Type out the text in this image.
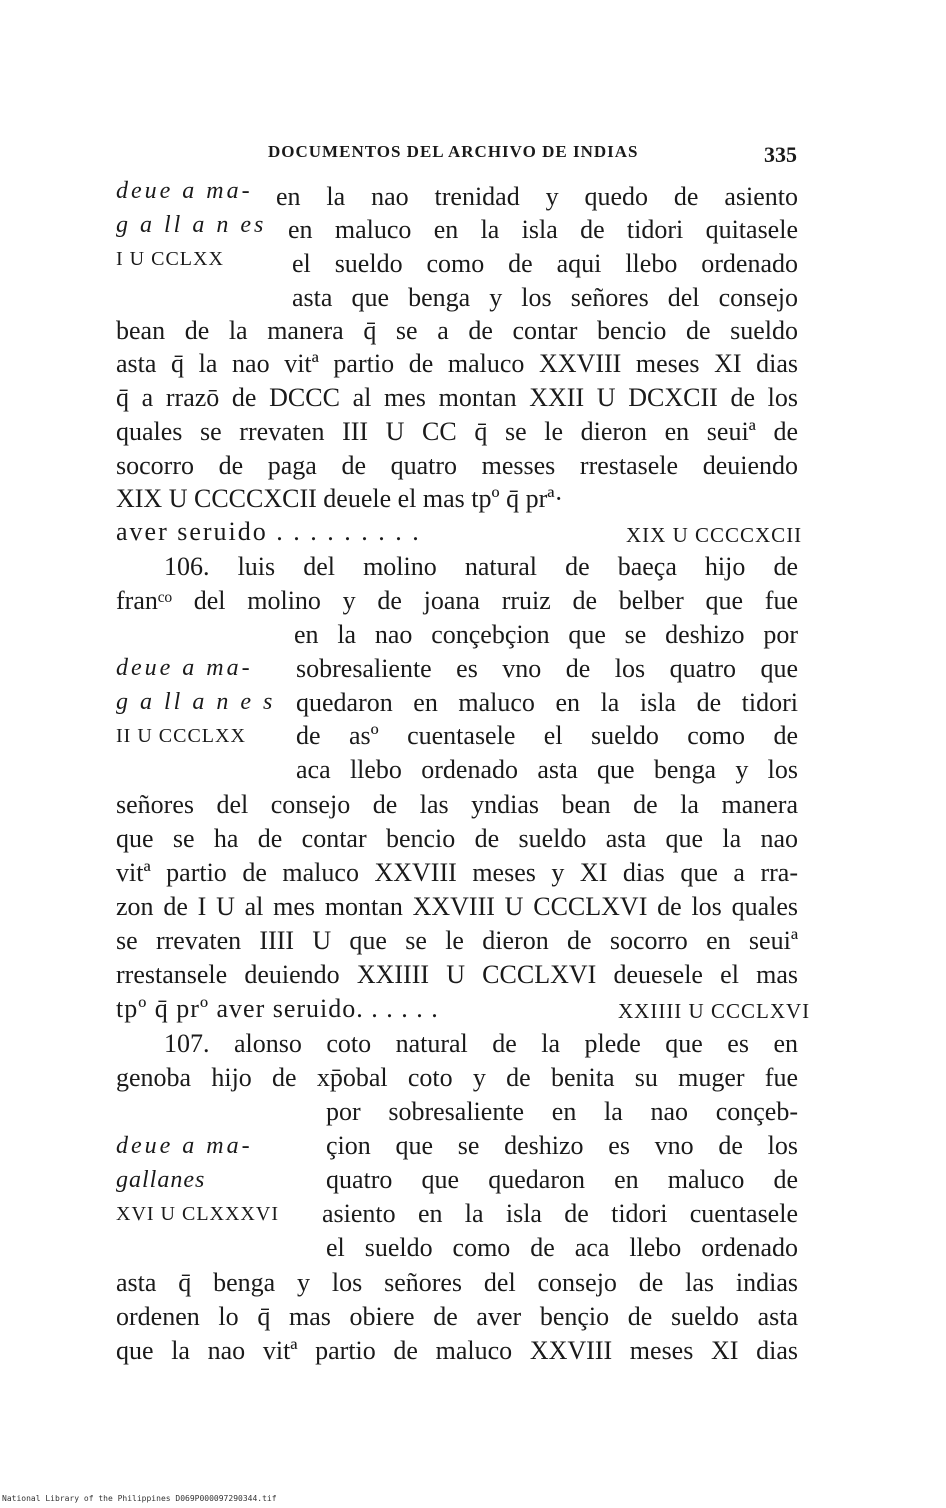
DOCUMENTOS DEL ARCHIVO DE INDIAS	335
deue a ma-
g a ll a n es
I U CCLXX
deue a ma-
g a ll a n e s
II U CCCLXX
deue a ma-
gallanes
XVI U CLXXXVI
en la nao trenidad y quedo de asiento
en maluco en la isla de tidori quitasele
el sueldo como de aqui llebo ordenado
asta que benga y los señores del consejo
bean de la manera q̄ se a de contar bencio de sueldo
asta q̄ la nao vitª partio de maluco XXVIII meses XI dias
q̄ a rrazō de DCCC al mes montan XXII U DCXCII de los
quales se rrevaten III U CC q̄ se le dieron en seuiª de
socorro de paga de quatro messes rrestasele deuiendo
XIX U CCCCXCII deuele el mas tpº q̄ prª·
aver seruido . . . . . . . . .	XIX U CCCCXCII
106. luis del molino natural de baeça hijo de
franᶜᵒ del molino y de joana rruiz de belber que fue
en la nao conçebçion que se deshizo por
sobresaliente es vno de los quatro que
quedaron en maluco en la isla de tidori
de asº cuentasele el sueldo como de
aca llebo ordenado asta que benga y los
señores del consejo de las yndias bean de la manera
que se ha de contar bencio de sueldo asta que la nao
vitª partio de maluco XXVIII meses y XI dias que a rra-
zon de I U al mes montan XXVIII U CCCLXVI de los quales
se rrevaten IIII U que se le dieron de socorro en seuiª
rrestansele deuiendo XXIIII U CCCLXVI deuesele el mas
tpº q̄ prº aver seruido. . . . . .	XXIIII U CCCLXVI
107. alonso coto natural de la plede que es en
genoba hijo de xp̄obal coto y de benita su muger fue
por sobresaliente en la nao conçeb-
çion que se deshizo es vno de los
quatro que quedaron en maluco de
asiento en la isla de tidori cuentasele
el sueldo como de aca llebo ordenado
asta q̄ benga y los señores del consejo de las indias
ordenen lo q̄ mas obiere de aver bençio de sueldo asta
que la nao vitª partio de maluco XXVIII meses XI dias
National Library of the Philippines D069P000097290344.tif
